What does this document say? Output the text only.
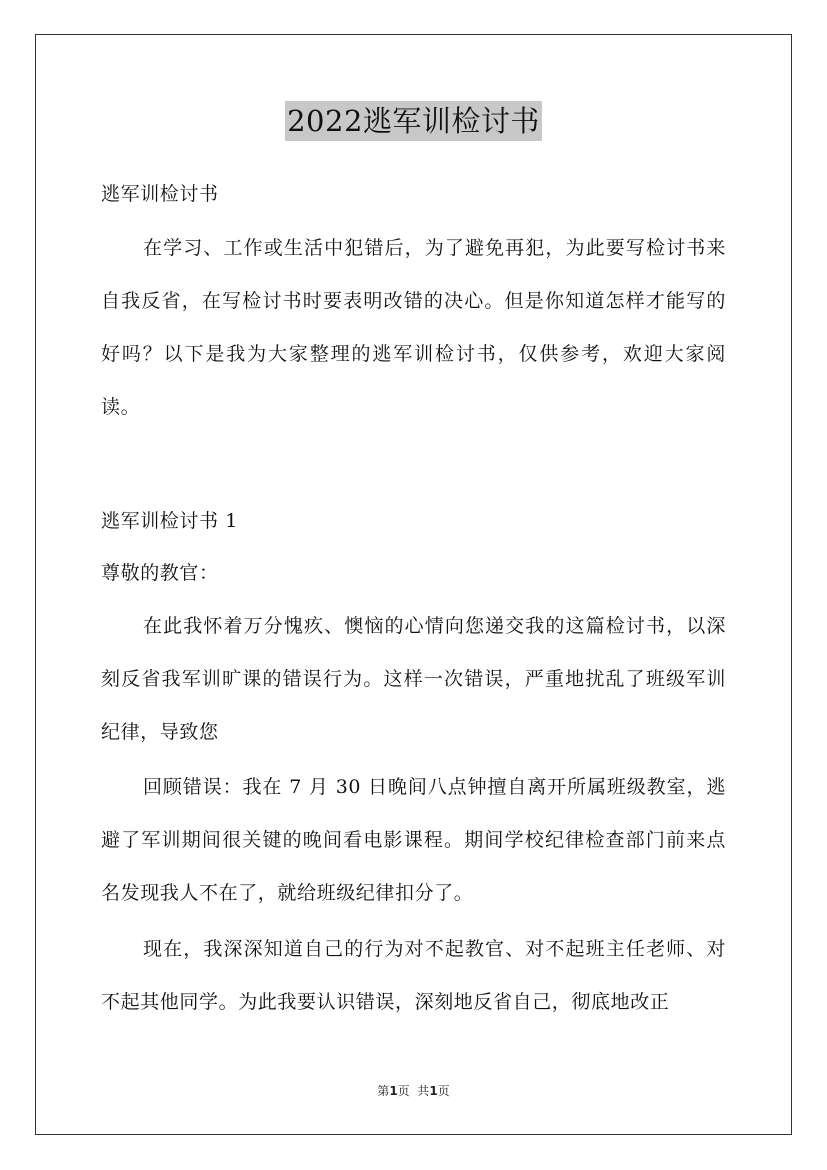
2022逃军训检讨书
逃军训检讨书
在学习、工作或生活中犯错后，为了避免再犯，为此要写检讨书来自我反省，在写检讨书时要表明改错的决心。但是你知道怎样才能写的好吗？以下是我为大家整理的逃军训检讨书，仅供参考，欢迎大家阅读。
逃军训检讨书 1
尊敬的教官：
在此我怀着万分愧疚、懊恼的心情向您递交我的这篇检讨书，以深刻反省我军训旷课的错误行为。这样一次错误，严重地扰乱了班级军训纪律，导致您
回顾错误：我在 7 月 30 日晚间八点钟擅自离开所属班级教室，逃避了军训期间很关键的晚间看电影课程。期间学校纪律检查部门前来点名发现我人不在了，就给班级纪律扣分了。
现在，我深深知道自己的行为对不起教官、对不起班主任老师、对不起其他同学。为此我要认识错误，深刻地反省自己，彻底地改正
第1页  共1页
